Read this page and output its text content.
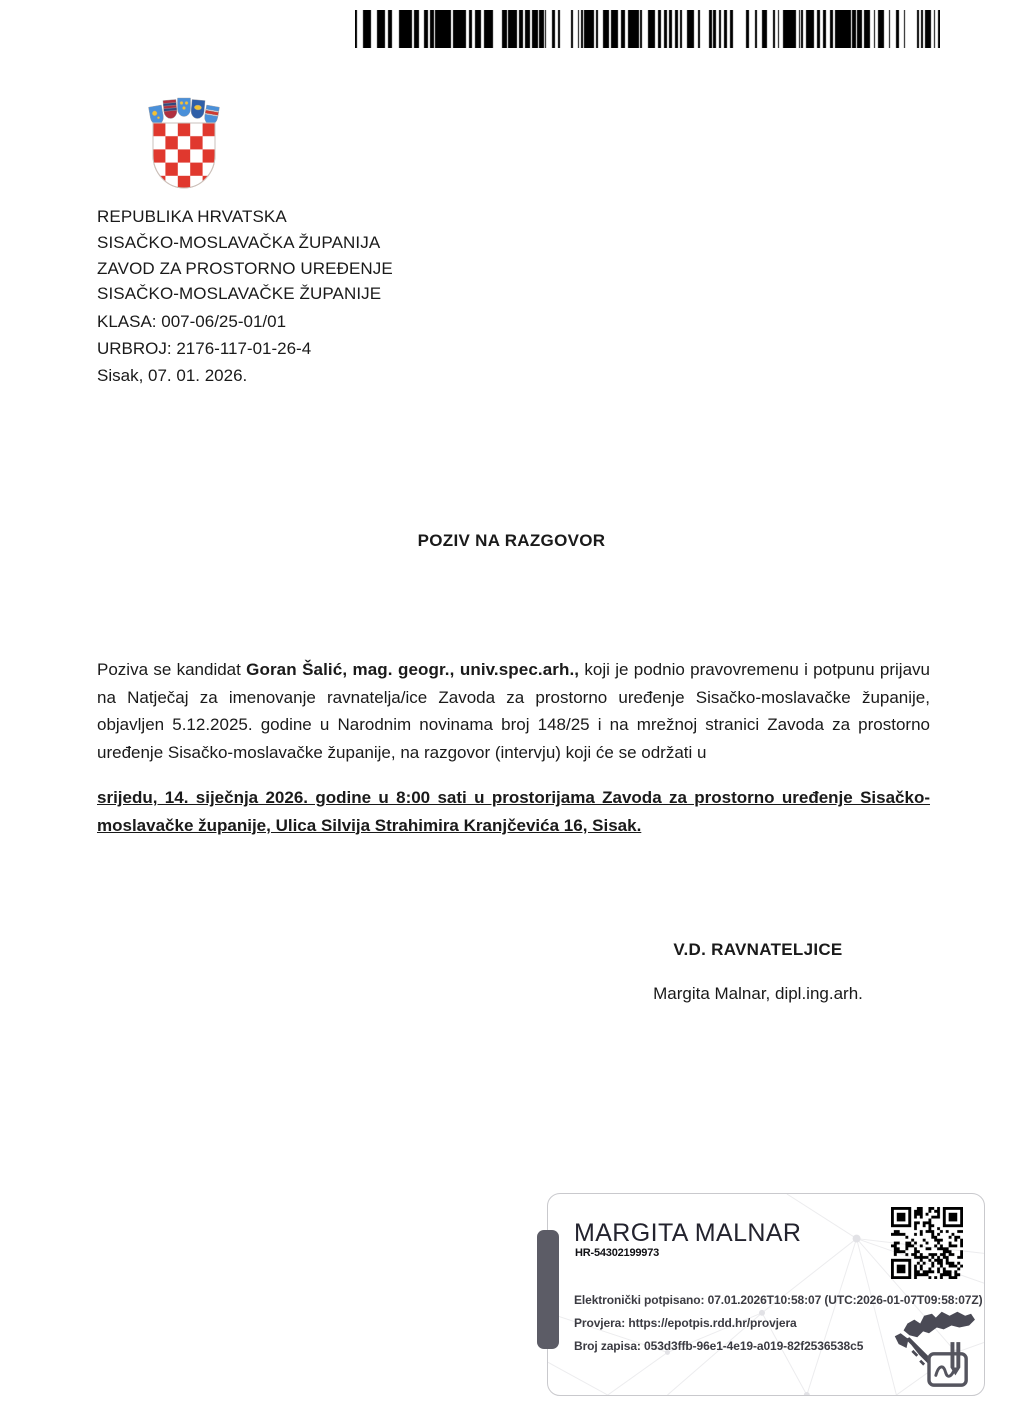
REPUBLIKA HRVATSKA
SISAČKO-MOSLAVAČKA ŽUPANIJA
ZAVOD ZA PROSTORNO UREĐENJE
SISAČKO-MOSLAVAČKE ŽUPANIJE
KLASA: 007-06/25-01/01
URBROJ: 2176-117-01-26-4
Sisak, 07. 01. 2026.
POZIV NA RAZGOVOR

Poziva se kandidat Goran Šalić, mag. geogr., univ.spec.arh., koji je podnio pravovremenu i potpunu prijavu na Natječaj za imenovanje ravnatelja/ice Zavoda za prostorno uređenje Sisačko-moslavačke županije, objavljen 5.12.2025. godine u Narodnim novinama broj 148/25 i na mrežnoj stranici Zavoda za prostorno uređenje Sisačko-moslavačke županije, na razgovor (intervju) koji će se održati u

srijedu, 14. siječnja 2026. godine u 8:00 sati u prostorijama Zavoda za prostorno uređenje Sisačko-moslavačke županije, Ulica Silvija Strahimira Kranjčevića 16, Sisak.

V.D. RAVNATELJICE
Margita Malnar, dipl.ing.arh.
MARGITA MALNAR
HR-54302199973
Elektronički potpisano: 07.01.2026T10:58:07 (UTC:2026-01-07T09:58:07Z)
Provjera: https://epotpis.rdd.hr/provjera
Broj zapisa: 053d3ffb-96e1-4e19-a019-82f2536538c5
